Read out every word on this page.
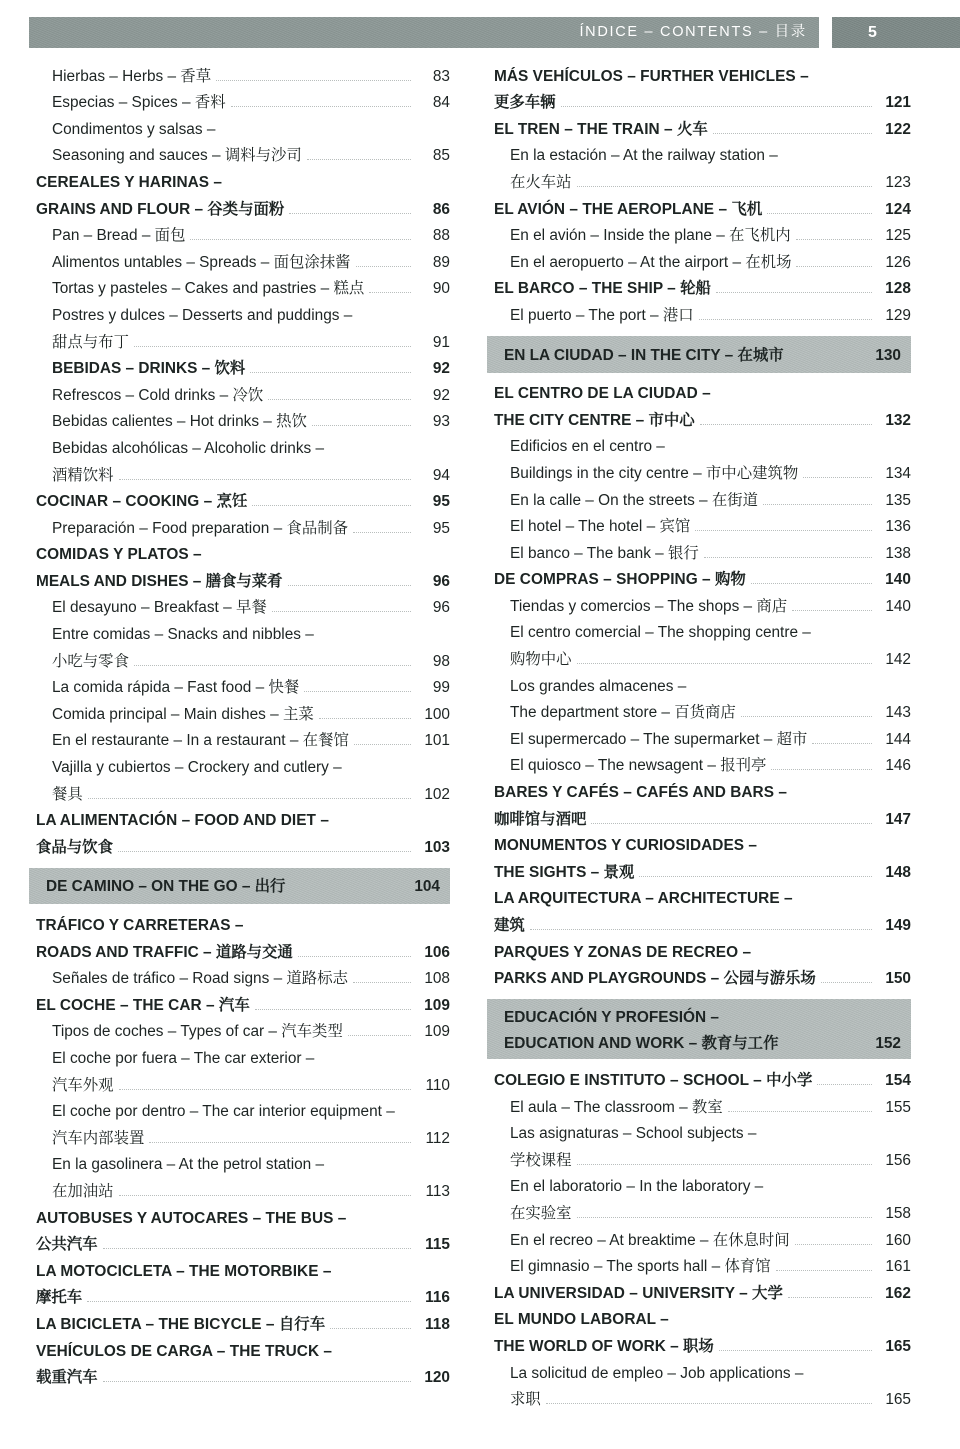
ÍNDICE – CONTENTS – 目录	5
Hierbas – Herbs – 香草	83
Especias – Spices – 香料	84
Condimentos y salsas –
Seasoning and sauces – 调料与沙司	85
CEREALES Y HARINAS –
GRAINS AND FLOUR – 谷类与面粉	86
Pan – Bread – 面包	88
Alimentos untables – Spreads – 面包涂抹酱	89
Tortas y pasteles – Cakes and pastries – 糕点	90
Postres y dulces – Desserts and puddings –
甜点与布丁	91
BEBIDAS – DRINKS – 饮料	92
Refrescos – Cold drinks – 冷饮	92
Bebidas calientes – Hot drinks – 热饮	93
Bebidas alcohólicas – Alcoholic drinks –
酒精饮料	94
COCINAR – COOKING – 烹饪	95
Preparación – Food preparation – 食品制备	95
COMIDAS Y PLATOS –
MEALS AND DISHES – 膳食与菜肴	96
El desayuno – Breakfast – 早餐	96
Entre comidas – Snacks and nibbles –
小吃与零食	98
La comida rápida – Fast food – 快餐	99
Comida principal – Main dishes – 主菜	100
En el restaurante – In a restaurant – 在餐馆	101
Vajilla y cubiertos – Crockery and cutlery –
餐具	102
LA ALIMENTACIÓN – FOOD AND DIET –
食品与饮食	103
DE CAMINO – ON THE GO – 出行	104
TRÁFICO Y CARRETERAS –
ROADS AND TRAFFIC – 道路与交通	106
Señales de tráfico – Road signs – 道路标志	108
EL COCHE – THE CAR – 汽车	109
Tipos de coches – Types of car – 汽车类型	109
El coche por fuera – The car exterior –
汽车外观	110
El coche por dentro – The car interior equipment –
汽车内部装置	112
En la gasolinera – At the petrol station –
在加油站	113
AUTOBUSES Y AUTOCARES – THE BUS –
公共汽车	115
LA MOTOCICLETA – THE MOTORBIKE –
摩托车	116
LA BICICLETA – THE BICYCLE – 自行车	118
VEHÍCULOS DE CARGA – THE TRUCK –
载重汽车	120
MÁS VEHÍCULOS – FURTHER VEHICLES –
更多车辆	121
EL TREN – THE TRAIN – 火车	122
En la estación – At the railway station –
在火车站	123
EL AVIÓN – THE AEROPLANE – 飞机	124
En el avión – Inside the plane – 在飞机内	125
En el aeropuerto – At the airport – 在机场	126
EL BARCO – THE SHIP – 轮船	128
El puerto – The port – 港口	129
EN LA CIUDAD – IN THE CITY – 在城市	130
EL CENTRO DE LA CIUDAD –
THE CITY CENTRE – 市中心	132
Edificios en el centro –
Buildings in the city centre – 市中心建筑物	134
En la calle – On the streets – 在街道	135
El hotel – The hotel – 宾馆	136
El banco – The bank – 银行	138
DE COMPRAS – SHOPPING – 购物	140
Tiendas y comercios – The shops – 商店	140
El centro comercial – The shopping centre –
购物中心	142
Los grandes almacenes –
The department store – 百货商店	143
El supermercado – The supermarket – 超市	144
El quiosco – The newsagent – 报刊亭	146
BARES Y CAFÉS – CAFÉS AND BARS –
咖啡馆与酒吧	147
MONUMENTOS Y CURIOSIDADES –
THE SIGHTS – 景观	148
LA ARQUITECTURA – ARCHITECTURE –
建筑	149
PARQUES Y ZONAS DE RECREO –
PARKS AND PLAYGROUNDS – 公园与游乐场	150
EDUCACIÓN Y PROFESIÓN –
EDUCATION AND WORK – 教育与工作	152
COLEGIO E INSTITUTO – SCHOOL – 中小学	154
El aula – The classroom – 教室	155
Las asignaturas – School subjects –
学校课程	156
En el laboratorio – In the laboratory –
在实验室	158
En el recreo – At breaktime – 在休息时间	160
El gimnasio – The sports hall – 体育馆	161
LA UNIVERSIDAD – UNIVERSITY – 大学	162
EL MUNDO LABORAL –
THE WORLD OF WORK – 职场	165
La solicitud de empleo – Job applications –
求职	165
